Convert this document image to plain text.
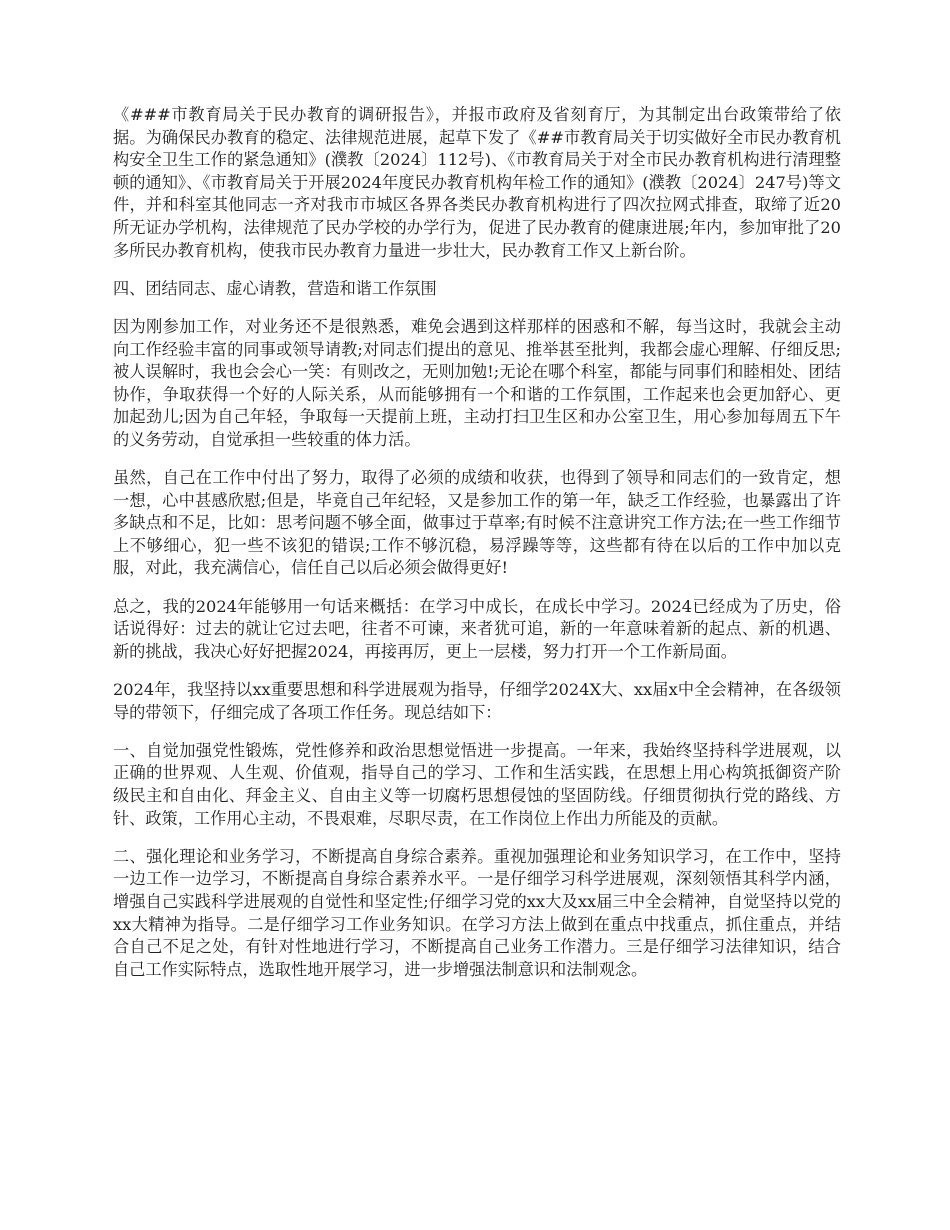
《###市教育局关于民办教育的调研报告》，并报市政府及省刻育厅，为其制定出台政策带给了依据。为确保民办教育的稳定、法律规范进展，起草下发了《##市教育局关于切实做好全市民办教育机构安全卫生工作的紧急通知》(濮教〔2024〕112号)、《市教育局关于对全市民办教育机构进行清理整顿的通知》、《市教育局关于开展2024年度民办教育机构年检工作的通知》(濮教〔2024〕247号)等文件，并和科室其他同志一齐对我市市城区各界各类民办教育机构进行了四次拉网式排查，取缔了近20所无证办学机构，法律规范了民办学校的办学行为，促进了民办教育的健康进展;年内，参加审批了20多所民办教育机构，使我市民办教育力量进一步壮大，民办教育工作又上新台阶。

四、团结同志、虚心请教，营造和谐工作氛围

因为刚参加工作，对业务还不是很熟悉，难免会遇到这样那样的困惑和不解，每当这时，我就会主动向工作经验丰富的同事或领导请教;对同志们提出的意见、推举甚至批判，我都会虚心理解、仔细反思;被人误解时，我也会会心一笑：有则改之，无则加勉!;无论在哪个科室，都能与同事们和睦相处、团结协作，争取获得一个好的人际关系，从而能够拥有一个和谐的工作氛围，工作起来也会更加舒心、更加起劲儿;因为自己年轻，争取每一天提前上班，主动打扫卫生区和办公室卫生，用心参加每周五下午的义务劳动，自觉承担一些较重的体力活。

虽然，自己在工作中付出了努力，取得了必须的成绩和收获，也得到了领导和同志们的一致肯定，想一想，心中甚感欣慰;但是，毕竟自己年纪轻，又是参加工作的第一年，缺乏工作经验，也暴露出了许多缺点和不足，比如：思考问题不够全面，做事过于草率;有时候不注意讲究工作方法;在一些工作细节上不够细心，犯一些不该犯的错误;工作不够沉稳，易浮躁等等，这些都有待在以后的工作中加以克服，对此，我充满信心，信任自己以后必须会做得更好!

总之，我的2024年能够用一句话来概括：在学习中成长，在成长中学习。2024已经成为了历史，俗话说得好：过去的就让它过去吧，往者不可谏，来者犹可追，新的一年意味着新的起点、新的机遇、新的挑战，我决心好好把握2024，再接再厉，更上一层楼，努力打开一个工作新局面。

2024年，我坚持以xx重要思想和科学进展观为指导，仔细学2024X大、xx届x中全会精神，在各级领导的带领下，仔细完成了各项工作任务。现总结如下：

一、自觉加强党性锻炼，党性修养和政治思想觉悟进一步提高。一年来，我始终坚持科学进展观，以正确的世界观、人生观、价值观，指导自己的学习、工作和生活实践，在思想上用心构筑抵御资产阶级民主和自由化、拜金主义、自由主义等一切腐朽思想侵蚀的坚固防线。仔细贯彻执行党的路线、方针、政策，工作用心主动，不畏艰难，尽职尽责，在工作岗位上作出力所能及的贡献。

二、强化理论和业务学习，不断提高自身综合素养。重视加强理论和业务知识学习，在工作中，坚持一边工作一边学习，不断提高自身综合素养水平。一是仔细学习科学进展观，深刻领悟其科学内涵，增强自己实践科学进展观的自觉性和坚定性;仔细学习党的xx大及xx届三中全会精神，自觉坚持以党的xx大精神为指导。二是仔细学习工作业务知识。在学习方法上做到在重点中找重点，抓住重点，并结合自己不足之处，有针对性地进行学习，不断提高自己业务工作潜力。三是仔细学习法律知识，结合自己工作实际特点，选取性地开展学习，进一步增强法制意识和法制观念。
